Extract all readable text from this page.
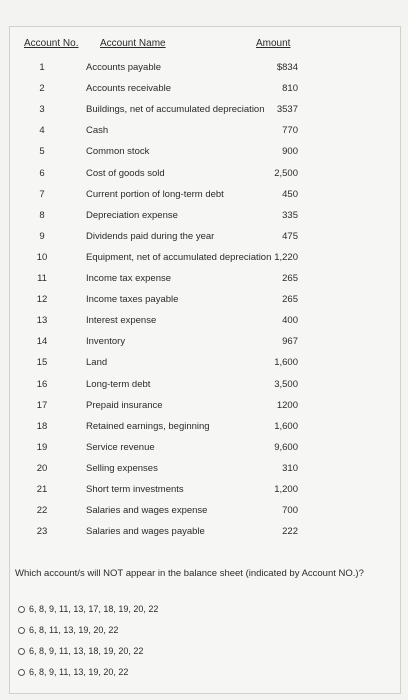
Account No. Account Name	Amount
1	Accounts payable	$834
2	Accounts receivable	810
3	Buildings, net of accumulated depreciation 3537
4	Cash	770
5	Common stock	900
6	Cost of goods sold	2,500
7	Current portion of long-term debt	450
8	Depreciation expense	335
9	Dividends paid during the year	475
10	Equipment, net of accumulated depreciation 1,220
11	Income tax expense	265
12	Income taxes payable	265
13	Interest expense	400
14	Inventory	967
15	Land	1,600
16	Long-term debt	3,500
17	Prepaid insurance	1200
18	Retained earnings, beginning	1,600
19	Service revenue	9,600
20	Selling expenses	310
21	Short term investments	1,200
22	Salaries and wages expense	700
23	Salaries and wages payable	222
Which account/s will NOT appear in the balance sheet (indicated by Account NO.)?
6, 8, 9, 11, 13, 17, 18, 19, 20, 22
6, 8, 11, 13, 19, 20, 22
6, 8, 9, 11, 13, 18, 19, 20, 22
6, 8, 9, 11, 13, 19, 20, 22
